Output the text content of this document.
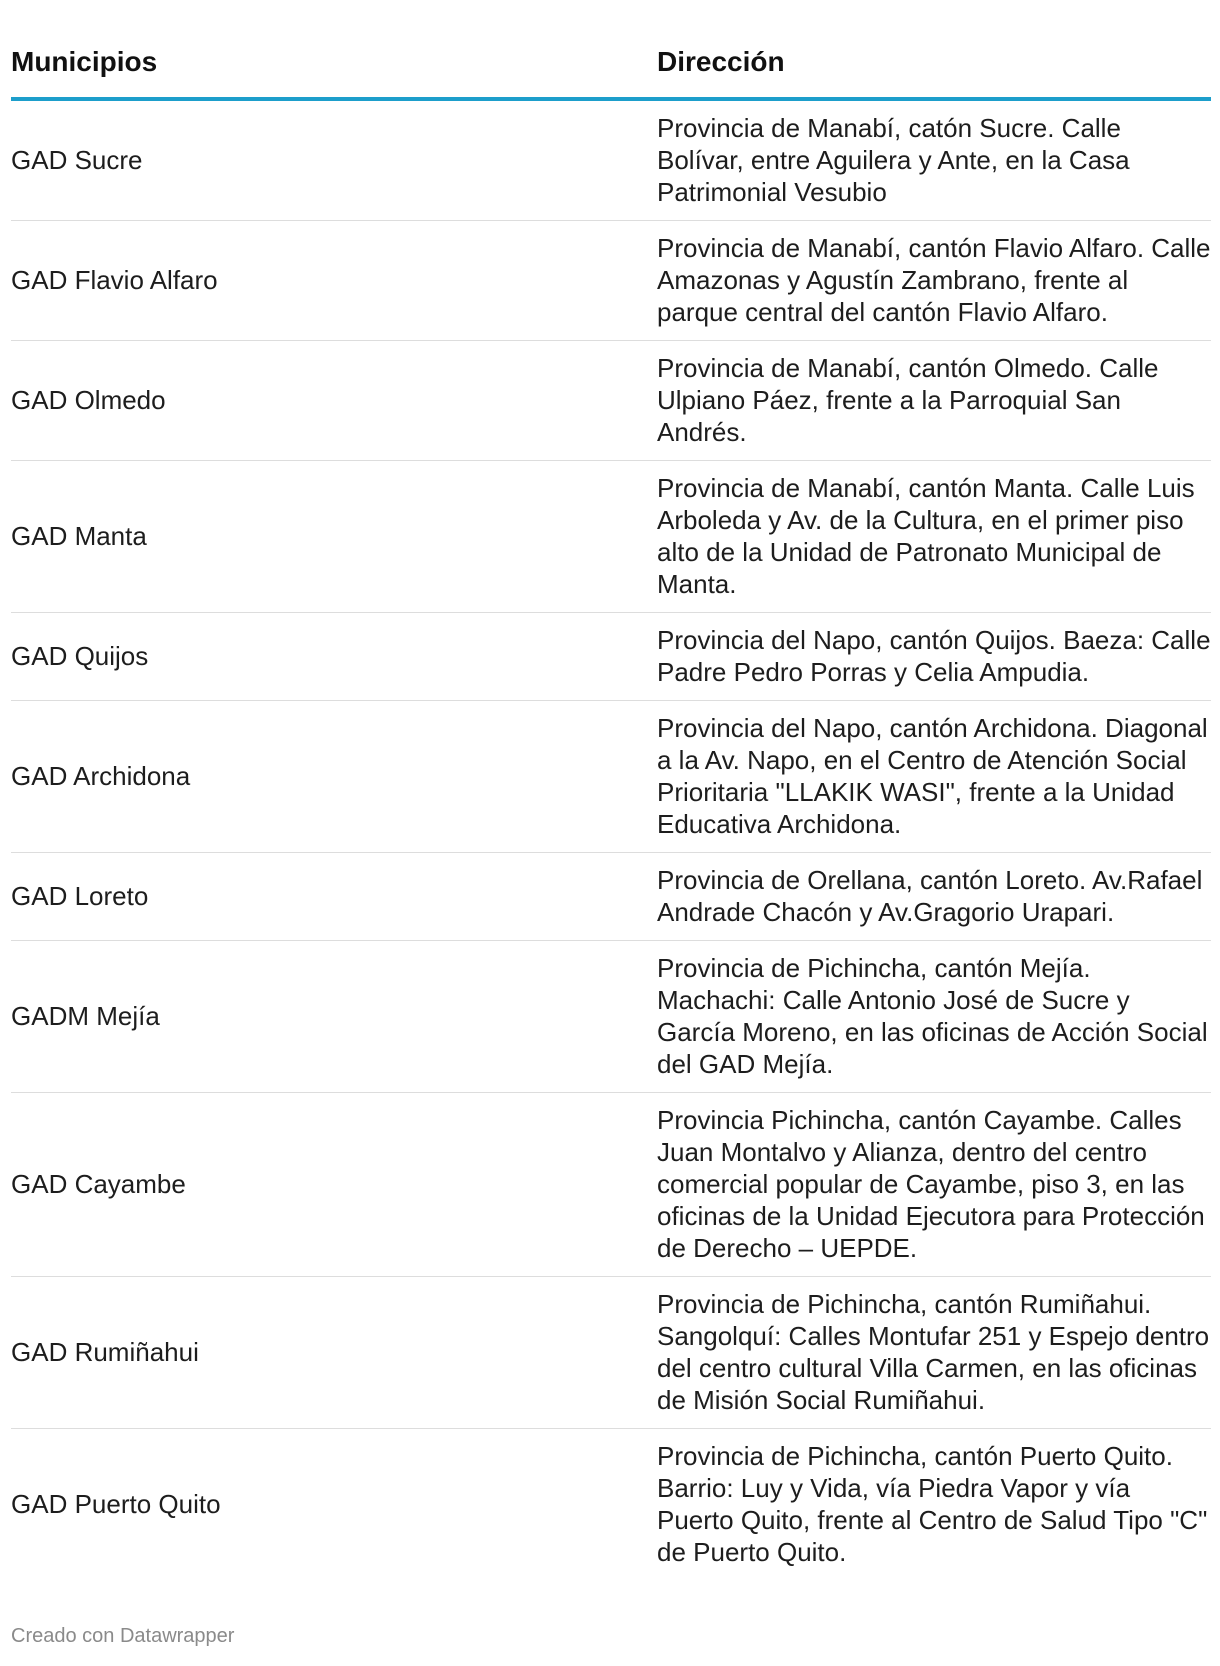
Municipios	Dirección
GAD Sucre	Provincia de Manabí, catón Sucre. Calle Bolívar, entre Aguilera y Ante, en la Casa Patrimonial Vesubio
GAD Flavio Alfaro	Provincia de Manabí, cantón Flavio Alfaro. Calle Amazonas y Agustín Zambrano, frente al parque central del cantón Flavio Alfaro.
GAD Olmedo	Provincia de Manabí, cantón Olmedo. Calle Ulpiano Páez, frente a la Parroquial San Andrés.
GAD Manta	Provincia de Manabí, cantón Manta. Calle Luis Arboleda y Av. de la Cultura, en el primer piso alto de la Unidad de Patronato Municipal de Manta.
GAD Quijos	Provincia del Napo, cantón Quijos. Baeza: Calle Padre Pedro Porras y Celia Ampudia.
GAD Archidona	Provincia del Napo, cantón Archidona. Diagonal a la Av. Napo, en el Centro de Atención Social Prioritaria "LLAKIK WASI", frente a la Unidad Educativa Archidona.
GAD Loreto	Provincia de Orellana, cantón Loreto. Av.Rafael Andrade Chacón y Av.Gragorio Urapari.
GADM Mejía	Provincia de Pichincha, cantón Mejía. Machachi: Calle Antonio José de Sucre y García Moreno, en las oficinas de Acción Social del GAD Mejía.
GAD Cayambe	Provincia Pichincha, cantón Cayambe. Calles Juan Montalvo y Alianza, dentro del centro comercial popular de Cayambe, piso 3, en las oficinas de la Unidad Ejecutora para Protección de Derecho – UEPDE.
GAD Rumiñahui	Provincia de Pichincha, cantón Rumiñahui. Sangolquí: Calles Montufar 251 y Espejo dentro del centro cultural Villa Carmen, en las oficinas de Misión Social Rumiñahui.
GAD Puerto Quito	Provincia de Pichincha, cantón Puerto Quito. Barrio: Luy y Vida, vía Piedra Vapor y vía Puerto Quito, frente al Centro de Salud Tipo "C" de Puerto Quito.
Creado con Datawrapper
